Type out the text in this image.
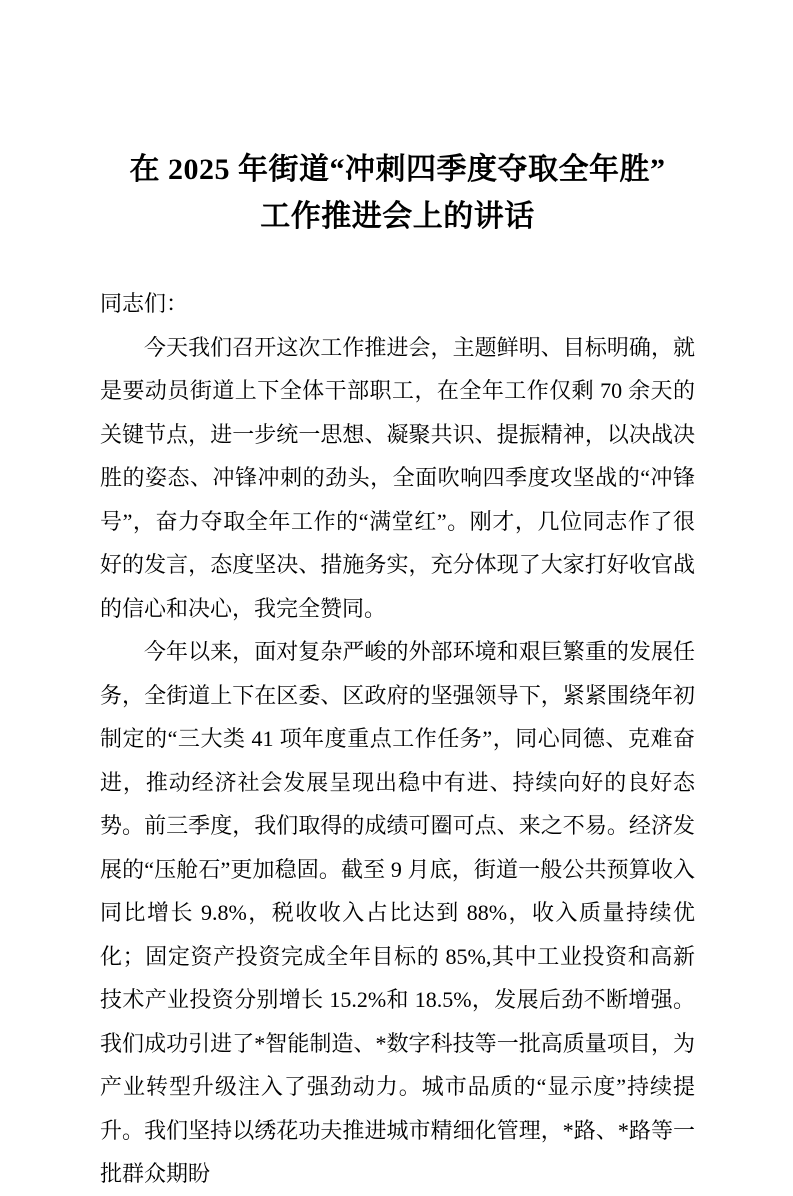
在 2025 年街道“冲刺四季度夺取全年胜”
工作推进会上的讲话

同志们：

今天我们召开这次工作推进会，主题鲜明、目标明确，就是要动员街道上下全体干部职工，在全年工作仅剩 70 余天的关键节点，进一步统一思想、凝聚共识、提振精神，以决战决胜的姿态、冲锋冲刺的劲头，全面吹响四季度攻坚战的“冲锋号”，奋力夺取全年工作的“满堂红”。刚才，几位同志作了很好的发言，态度坚决、措施务实，充分体现了大家打好收官战的信心和决心，我完全赞同。

今年以来，面对复杂严峻的外部环境和艰巨繁重的发展任务，全街道上下在区委、区政府的坚强领导下，紧紧围绕年初制定的“三大类 41 项年度重点工作任务”，同心同德、克难奋进，推动经济社会发展呈现出稳中有进、持续向好的良好态势。前三季度，我们取得的成绩可圈可点、来之不易。经济发展的“压舱石”更加稳固。截至 9 月底，街道一般公共预算收入同比增长 9.8%，税收收入占比达到 88%，收入质量持续优化；固定资产投资完成全年目标的 85%,其中工业投资和高新技术产业投资分别增长 15.2%和 18.5%，发展后劲不断增强。我们成功引进了*智能制造、*数字科技等一批高质量项目，为产业转型升级注入了强劲动力。城市品质的“显示度”持续提升。我们坚持以绣花功夫推进城市精细化管理，*路、*路等一批群众期盼
